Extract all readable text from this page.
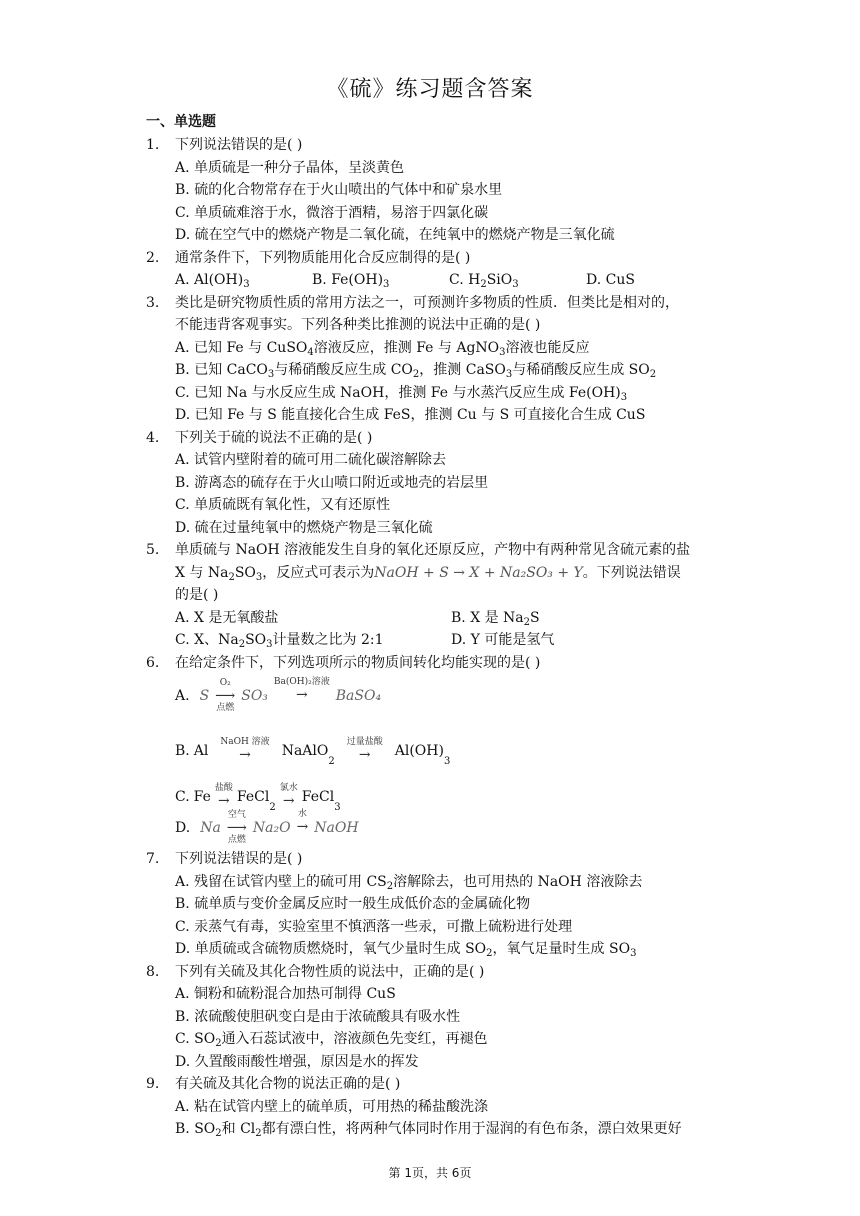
《硫》练习题含答案
一、单选题
1. 下列说法错误的是( )
A. 单质硫是一种分子晶体，呈淡黄色
B. 硫的化合物常存在于火山喷出的气体中和矿泉水里
C. 单质硫难溶于水，微溶于酒精，易溶于四氯化碳
D. 硫在空气中的燃烧产物是二氧化硫，在纯氧中的燃烧产物是三氧化硫
2. 通常条件下，下列物质能用化合反应制得的是( )
A. $Al(OH)_3$	B. $Fe(OH)_3$	C. $H_2SiO_3$	D. CuS
3. 类比是研究物质性质的常用方法之一，可预测许多物质的性质．但类比是相对的，
不能违背客观事实。下列各种类比推测的说法中正确的是( )
A. 已知 Fe 与 CuSO$_4$溶液反应，推测 Fe 与 AgNO$_3$溶液也能反应
B. 已知 CaCO$_3$与稀硝酸反应生成 $CO_2$，推测 CaSO$_3$与稀硝酸反应生成 $SO_2$
C. 已知 Na 与水反应生成 NaOH，推测 Fe 与水蒸汽反应生成 $Fe(OH)_3$
D. 已知 Fe 与 S 能直接化合生成 FeS，推测 Cu 与 S 可直接化合生成 CuS
4. 下列关于硫的说法不正确的是( )
A. 试管内壁附着的硫可用二硫化碳溶解除去
B. 游离态的硫存在于火山喷口附近或地壳的岩层里
C. 单质硫既有氧化性，又有还原性
D. 硫在过量纯氧中的燃烧产物是三氧化硫
5. 单质硫与 NaOH 溶液能发生自身的氧化还原反应，产物中有两种常见含硫元素的盐
X 与 $Na_2SO_3$，反应式可表示为NaOH + S → X + Na₂SO₃ + Y。下列说法错误
的是( )
A. X 是无氧酸盐	B. X 是 $Na_2S$
C. X、$Na_2SO_3$计量数之比为 2:1	D. Y 可能是氢气
6. 在给定条件下，下列选项所示的物质间转化均能实现的是( )
A. S
O₂
⟶
点燃
SO₃
Ba(OH)₂溶液
→ BaSO₄
B. Al
NaOH 溶液
→ NaAlO
2
过量盐酸
→ Al(OH)
3
C. Fe
盐酸
→ FeCl
2
氯水
→ FeCl
3
D. Na
空气
⟶
点燃
Na₂O
水
→ NaOH
7. 下列说法错误的是( )
A. 残留在试管内壁上的硫可用 $CS_2$溶解除去，也可用热的 NaOH 溶液除去
B. 硫单质与变价金属反应时一般生成低价态的金属硫化物
C. 汞蒸气有毒，实验室里不慎洒落一些汞，可撒上硫粉进行处理
D. 单质硫或含硫物质燃烧时，氧气少量时生成 $SO_2$，氧气足量时生成 $SO_3$
8. 下列有关硫及其化合物性质的说法中，正确的是( )
A. 铜粉和硫粉混合加热可制得 CuS
B. 浓硫酸使胆矾变白是由于浓硫酸具有吸水性
C. $SO_2$通入石蕊试液中，溶液颜色先变红，再褪色
D. 久置酸雨酸性增强，原因是水的挥发
9. 有关硫及其化合物的说法正确的是( )
A. 粘在试管内壁上的硫单质，可用热的稀盐酸洗涤
B. $SO_2$和 $Cl_2$都有漂白性，将两种气体同时作用于湿润的有色布条，漂白效果更好
第 1页，共 6页
